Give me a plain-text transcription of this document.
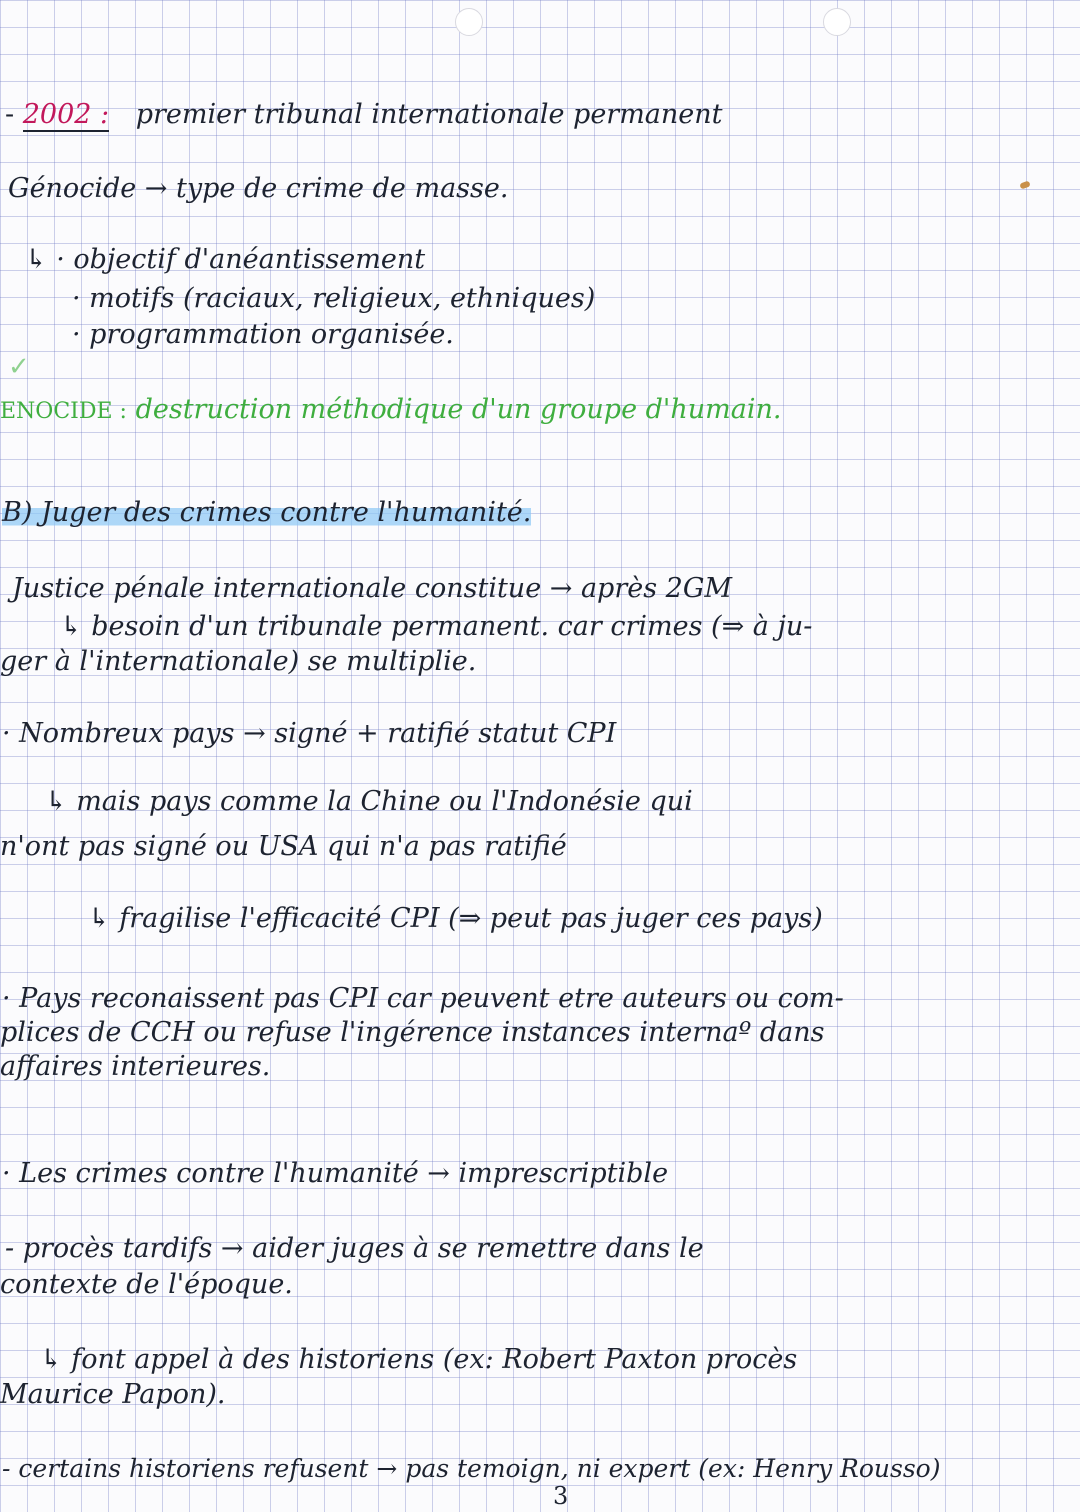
✓
- 2002 : premier tribunal internationale permanent
Génocide → type de crime de masse.
↳ · objectif d'anéantissement
· motifs (raciaux, religieux, ethniques)
· programmation organisée.
ENOCIDE : destruction méthodique d'un groupe d'humain.
B) Juger des crimes contre l'humanité.
Justice pénale internationale constitue → après 2GM
↳ besoin d'un tribunale permanent. car crimes (⇒ à ju-
ger à l'internationale) se multiplie.
· Nombreux pays → signé + ratifié statut CPI
↳ mais pays comme la Chine ou l'Indonésie qui
n'ont pas signé ou USA qui n'a pas ratifié
↳ fragilise l'efficacité CPI (⇒ peut pas juger ces pays)
· Pays reconaissent pas CPI car peuvent etre auteurs ou com-
plices de CCH ou refuse l'ingérence instances internaº dans
affaires interieures.
· Les crimes contre l'humanité → imprescriptible
- procès tardifs → aider juges à se remettre dans le
contexte de l'époque.
↳ font appel à des historiens (ex: Robert Paxton procès
Maurice Papon).
- certains historiens refusent → pas temoign, ni expert (ex: Henry Rousso)
3
